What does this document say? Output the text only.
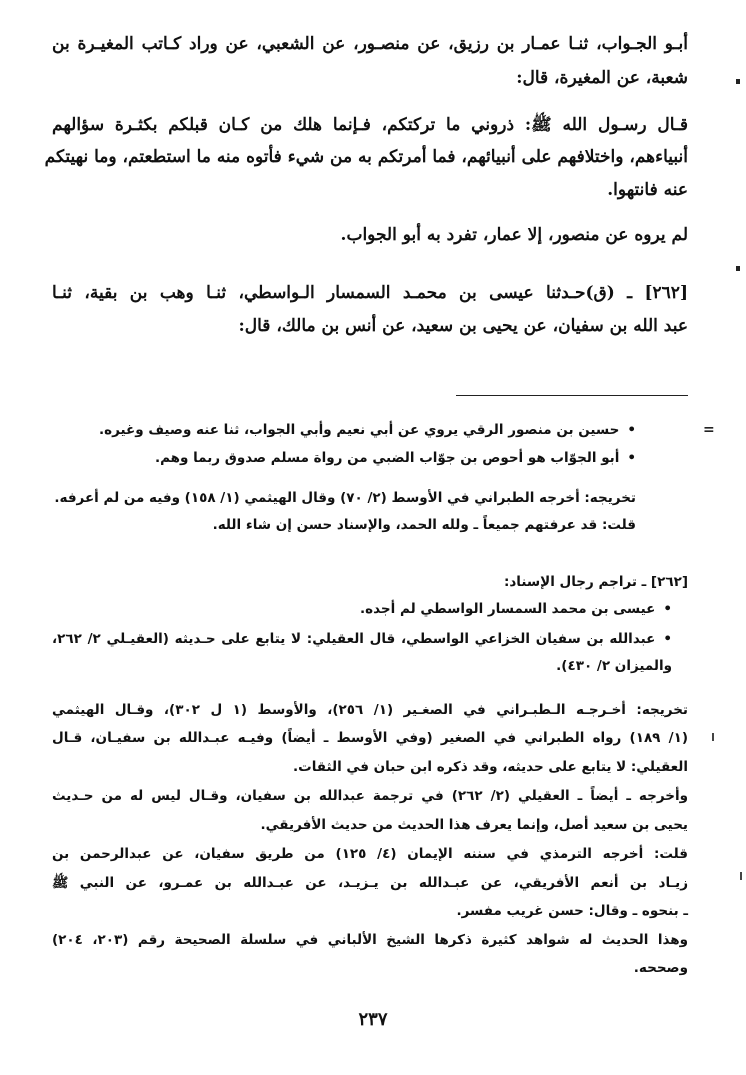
أبـو الجـواب، ثنـا عمـار بن رزيق، عن منصـور، عن الشعبي، عن وراد كـاتب المغيـرة بن
شعبة، عن المغيرة، قال:
قـال رسـول الله ﷺ: ذروني ما تركتكم، فـإنما هلك من كـان قبلكم بكثـرة سؤالهم
أنبياءهم، واختلافهم على أنبيائهم، فما أمرتكم به من شيء فأتوه منه ما استطعتم، وما نهيتكم
عنه فانتهوا.
لم يروه عن منصور، إلا عمار، تفرد به أبو الجواب.
[٢٦٢] ـ (ق)حـدثنا عيسى بن محمـد السمسار الـواسطي، ثنـا وهب بن بقية، ثنـا
عبد الله بن سفيان، عن يحيى بن سعيد، عن أنس بن مالك، قال:
• حسين بن منصور الرقي يروي عن أبي نعيم وأبي الجواب، ثنا عنه وصيف وغيره.
• أبو الجوّاب هو أحوص بن جوّاب الضبي من رواة مسلم صدوق ربما وهم.
تخريجه: أخرجه الطبراني في الأوسط (٢/ ٧٠) وقال الهيثمي (١/ ١٥٨) وفيه من لم أعرفه.
قلت: قد عرفتهم جميعاً ـ ولله الحمد، والإسناد حسن إن شاء الله.
[٢٦٢] ـ تراجم رجال الإسناد:
• عيسى بن محمد السمسار الواسطي لم أجده.
• عبدالله بن سفيان الخزاعي الواسطي، قال العقيلي: لا يتابع على حـديثه (العقيـلي ٢/ ٢٦٢،
والميزان ٢/ ٤٣٠).
تخريجه: أخـرجـه الـطبـراني في الصغـير (١/ ٢٥٦)، والأوسط (١ ل ٣٠٢)، وقـال الهيثمي
(١/ ١٨٩) رواه الطبراني في الصغير (وفي الأوسط ـ أيضاً) وفيـه عبـدالله بن سفيـان، قـال
العقيلي: لا يتابع على حديثه، وقد ذكره ابن حبان في الثقات.
وأخرجه ـ أيضاً ـ العقيلي (٢/ ٢٦٢) في ترجمة عبدالله بن سفيان، وقـال ليس له من حـديث
يحيى بن سعيد أصل، وإنما يعرف هذا الحديث من حديث الأفريقي.
قلت: أخرجه الترمذي في سننه الإيمان (٤/ ١٢٥) من طريق سفيان، عن عبدالرحمن بن
زيـاد بن أنعم الأفريقي، عن عبـدالله بن يـزيـد، عن عبـدالله بن عمـرو، عن النبي ﷺ
ـ بنحوه ـ وقال: حسن غريب مفسر.
وهذا الحديث له شواهد كثيرة ذكرها الشيخ الألباني في سلسلة الصحيحة رقم (٢٠٣، ٢٠٤)
وصححه.
٢٣٧
=
